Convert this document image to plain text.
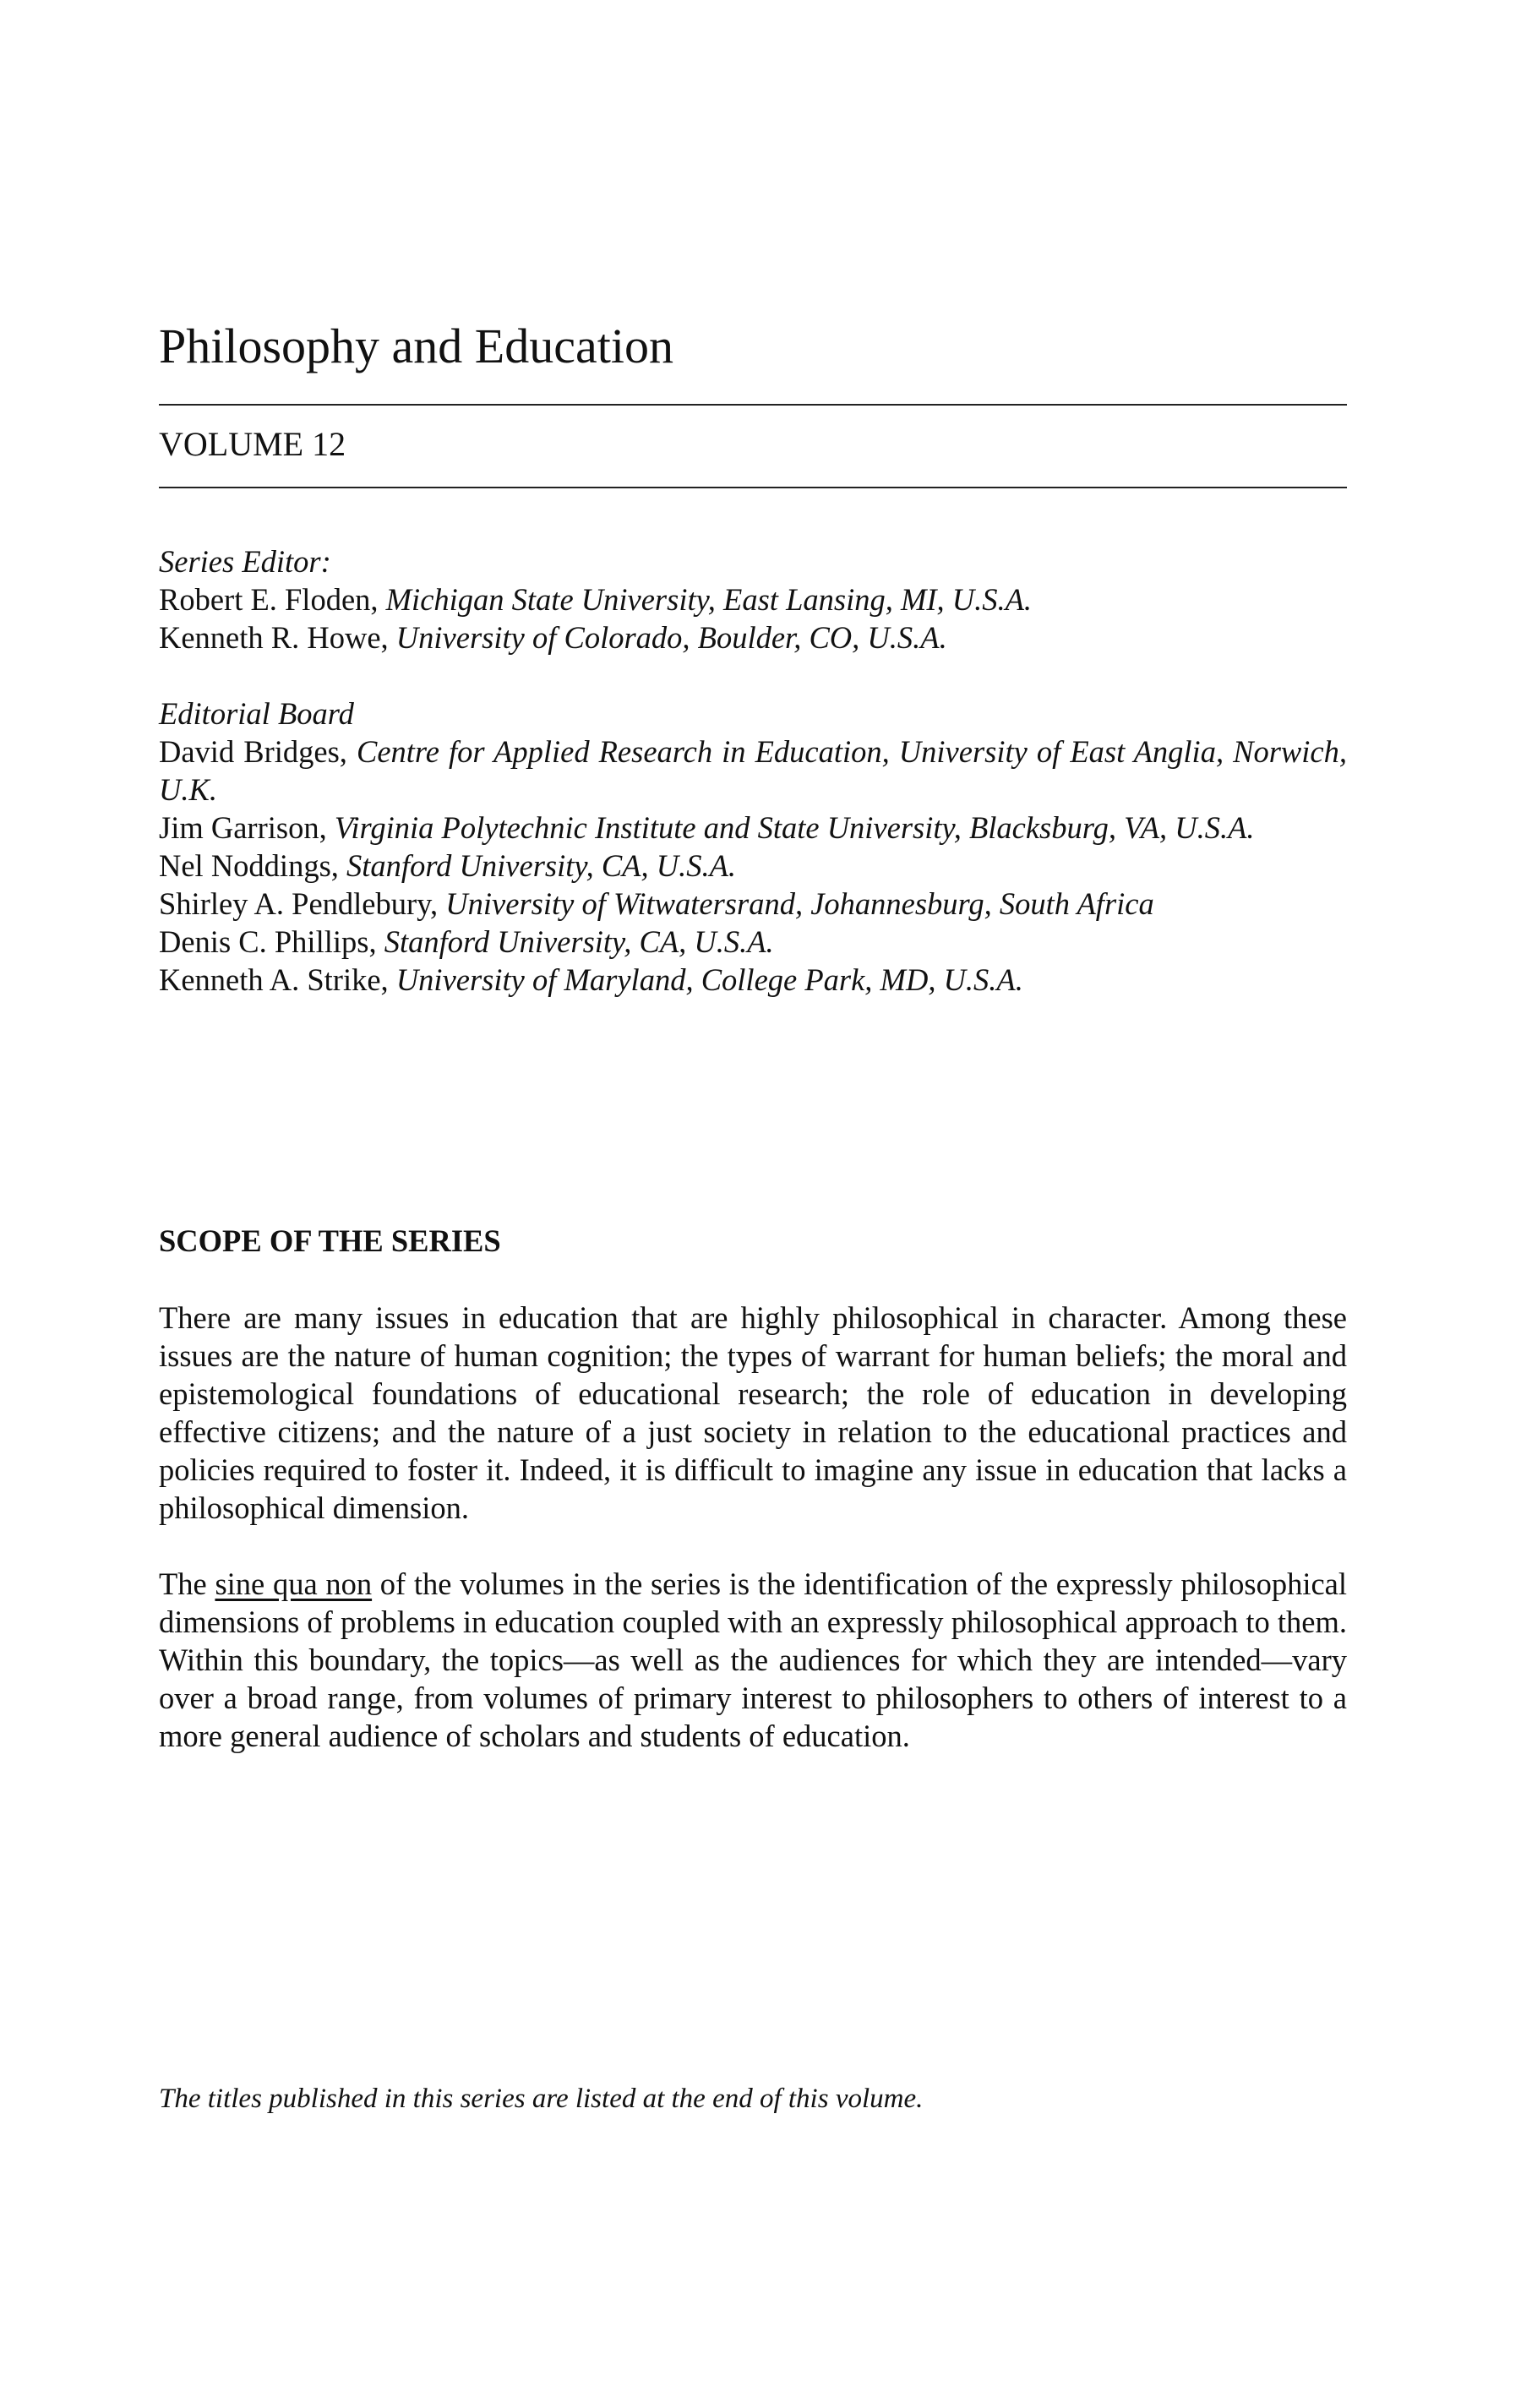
Philosophy and Education
VOLUME 12
Series Editor:
Robert E. Floden, Michigan State University, East Lansing, MI, U.S.A.
Kenneth R. Howe, University of Colorado, Boulder, CO, U.S.A.
Editorial Board
David Bridges, Centre for Applied Research in Education, University of East Anglia, Norwich, U.K.
Jim Garrison, Virginia Polytechnic Institute and State University, Blacksburg, VA, U.S.A.
Nel Noddings, Stanford University, CA, U.S.A.
Shirley A. Pendlebury, University of Witwatersrand, Johannesburg, South Africa
Denis C. Phillips, Stanford University, CA, U.S.A.
Kenneth A. Strike, University of Maryland, College Park, MD, U.S.A.
SCOPE OF THE SERIES

There are many issues in education that are highly philosophical in character. Among these issues are the nature of human cognition; the types of warrant for human beliefs; the moral and epistemological foundations of educational research; the role of education in developing effective citizens; and the nature of a just society in relation to the educational practices and policies required to foster it. Indeed, it is difficult to imagine any issue in education that lacks a philosophical dimension.

The sine qua non of the volumes in the series is the identification of the expressly philosophical dimensions of problems in education coupled with an expressly philosophical approach to them. Within this boundary, the topics—as well as the audiences for which they are intended—vary over a broad range, from volumes of primary interest to philosophers to others of interest to a more general audience of scholars and students of education.

The titles published in this series are listed at the end of this volume.
